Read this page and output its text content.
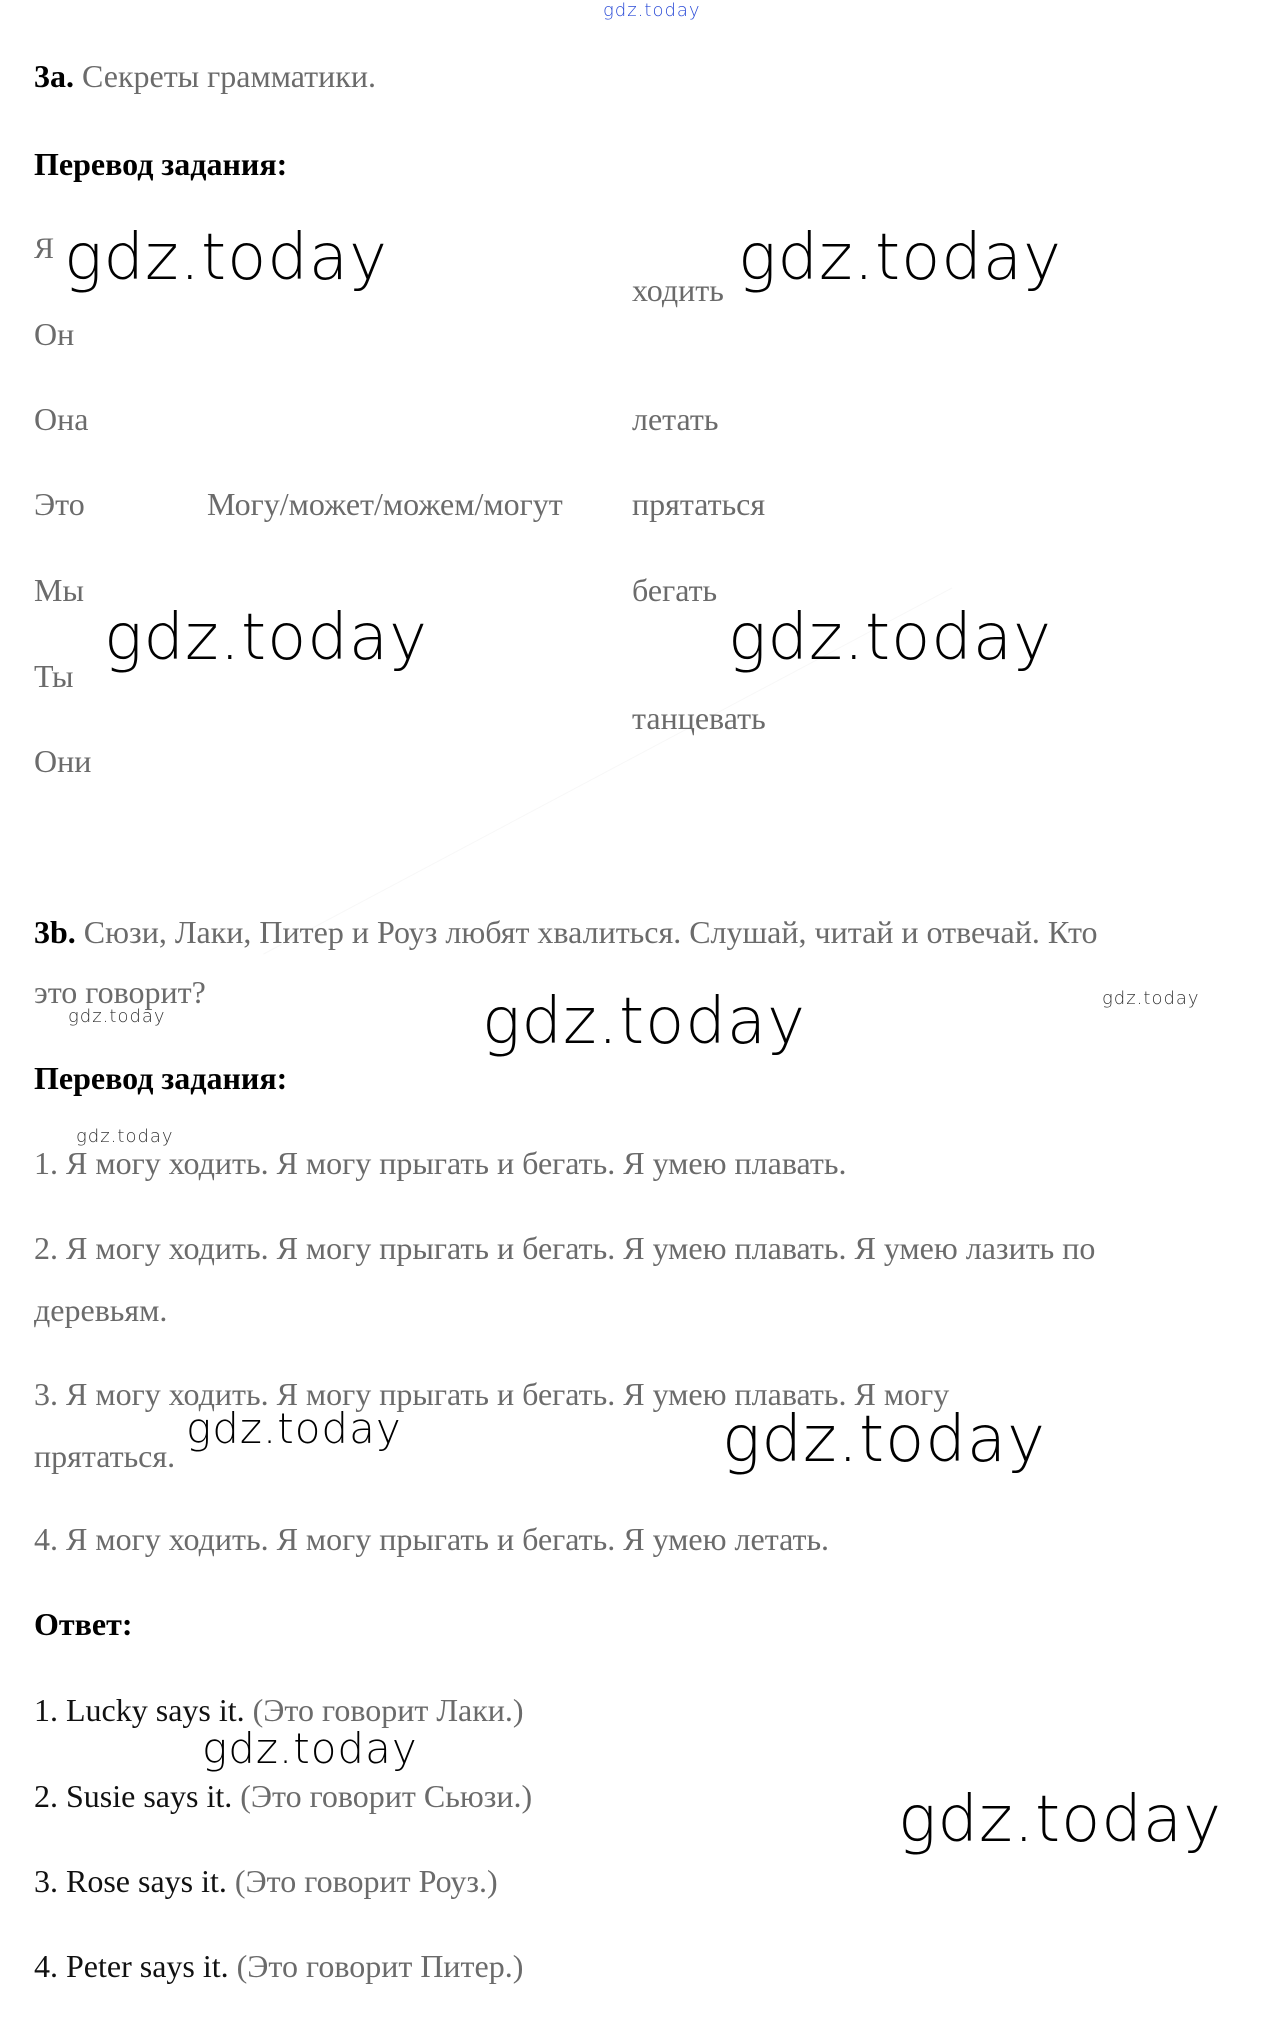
gdz.today
gdz.today	gdz.today
gdz.today	gdz.today
gdz.today
gdz.today
gdz.today
gdz.today
gdz.today	gdz.today
gdz.today
gdz.today
3a. Секреты грамматики.
Перевод задания:
Я
Он
Она
Это
Мы
Ты
Они
Могу/может/можем/могут
ходить
летать
прятаться
бегать
танцевать
3b. Сюзи, Лаки, Питер и Роуз любят хвалиться. Слушай, читай и отвечай. Кто
это говорит?
Перевод задания:
1. Я могу ходить. Я могу прыгать и бегать. Я умею плавать.
2. Я могу ходить. Я могу прыгать и бегать. Я умею плавать. Я умею лазить по
деревьям.
3. Я могу ходить. Я могу прыгать и бегать. Я умею плавать. Я могу
прятаться.
4. Я могу ходить. Я могу прыгать и бегать. Я умею летать.
Ответ:
1. Lucky says it. (Это говорит Лаки.)
2. Susie says it. (Это говорит Сьюзи.)
3. Rose says it. (Это говорит Роуз.)
4. Peter says it. (Это говорит Питер.)
